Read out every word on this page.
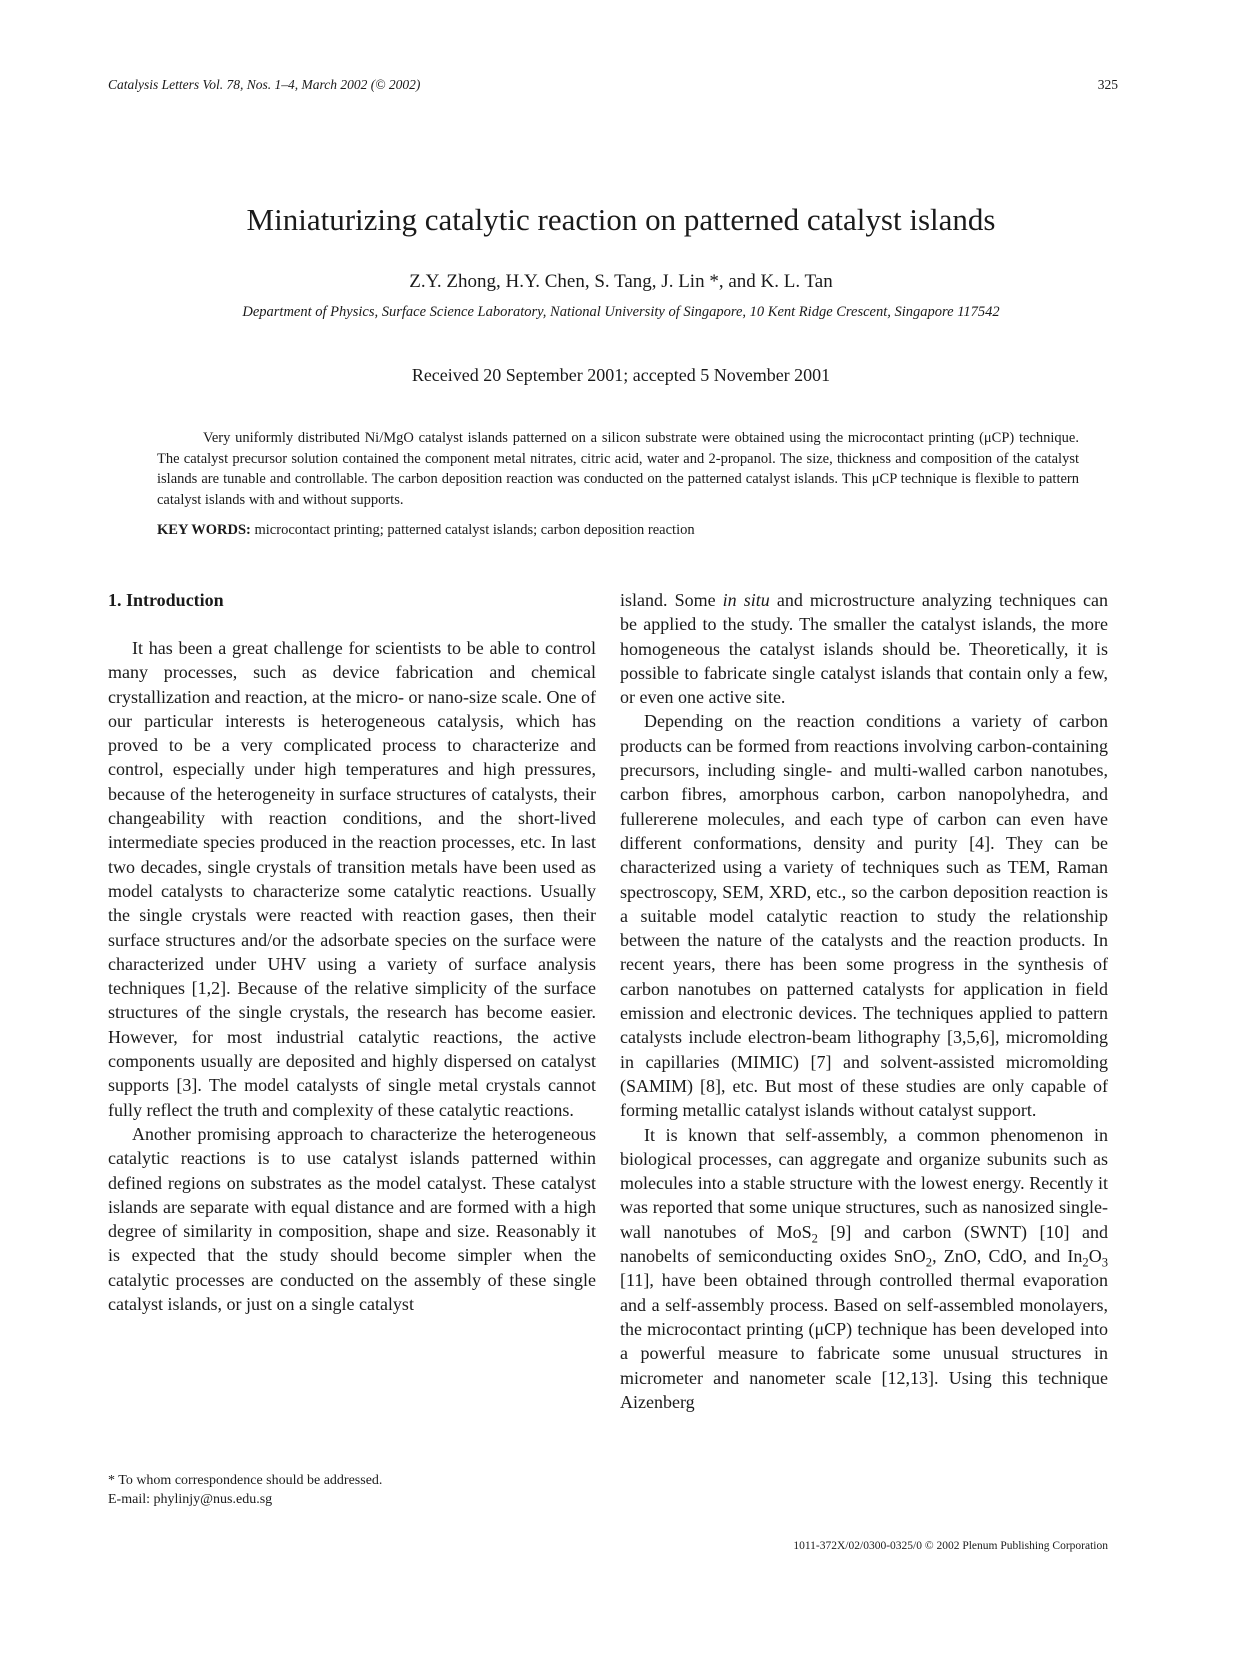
Catalysis Letters Vol. 78, Nos. 1–4, March 2002 (© 2002)	325
Miniaturizing catalytic reaction on patterned catalyst islands
Z.Y. Zhong, H.Y. Chen, S. Tang, J. Lin *, and K. L. Tan
Department of Physics, Surface Science Laboratory, National University of Singapore, 10 Kent Ridge Crescent, Singapore 117542
Received 20 September 2001; accepted 5 November 2001

Very uniformly distributed Ni/MgO catalyst islands patterned on a silicon substrate were obtained using the microcontact printing (μCP) technique. The catalyst precursor solution contained the component metal nitrates, citric acid, water and 2-propanol. The size, thickness and composition of the catalyst islands are tunable and controllable. The carbon deposition reaction was conducted on the patterned catalyst islands. This μCP technique is flexible to pattern catalyst islands with and without supports.

KEY WORDS: microcontact printing; patterned catalyst islands; carbon deposition reaction
1. Introduction

It has been a great challenge for scientists to be able to control many processes, such as device fabrication and chemical crystallization and reaction, at the micro- or nano-size scale. One of our particular interests is heterogeneous catalysis, which has proved to be a very complicated process to characterize and control, especially under high temperatures and high pressures, because of the heterogeneity in surface structures of catalysts, their changeability with reaction conditions, and the short-lived intermediate species produced in the reaction processes, etc. In last two decades, single crystals of transition metals have been used as model catalysts to characterize some catalytic reactions. Usually the single crystals were reacted with reaction gases, then their surface structures and/or the adsorbate species on the surface were characterized under UHV using a variety of surface analysis techniques [1,2]. Because of the relative simplicity of the surface structures of the single crystals, the research has become easier. However, for most industrial catalytic reactions, the active components usually are deposited and highly dispersed on catalyst supports [3]. The model catalysts of single metal crystals cannot fully reflect the truth and complexity of these catalytic reactions.

Another promising approach to characterize the heterogeneous catalytic reactions is to use catalyst islands patterned within defined regions on substrates as the model catalyst. These catalyst islands are separate with equal distance and are formed with a high degree of similarity in composition, shape and size. Reasonably it is expected that the study should become simpler when the catalytic processes are conducted on the assembly of these single catalyst islands, or just on a single catalyst

island. Some in situ and microstructure analyzing techniques can be applied to the study. The smaller the catalyst islands, the more homogeneous the catalyst islands should be. Theoretically, it is possible to fabricate single catalyst islands that contain only a few, or even one active site.

Depending on the reaction conditions a variety of carbon products can be formed from reactions involving carbon-containing precursors, including single- and multi-walled carbon nanotubes, carbon fibres, amorphous carbon, carbon nanopolyhedra, and fullererene molecules, and each type of carbon can even have different conformations, density and purity [4]. They can be characterized using a variety of techniques such as TEM, Raman spectroscopy, SEM, XRD, etc., so the carbon deposition reaction is a suitable model catalytic reaction to study the relationship between the nature of the catalysts and the reaction products. In recent years, there has been some progress in the synthesis of carbon nanotubes on patterned catalysts for application in field emission and electronic devices. The techniques applied to pattern catalysts include electron-beam lithography [3,5,6], micromolding in capillaries (MIMIC) [7] and solvent-assisted micromolding (SAMIM) [8], etc. But most of these studies are only capable of forming metallic catalyst islands without catalyst support.

It is known that self-assembly, a common phenomenon in biological processes, can aggregate and organize subunits such as molecules into a stable structure with the lowest energy. Recently it was reported that some unique structures, such as nanosized single-wall nanotubes of MoS$_2$ [9] and carbon (SWNT) [10] and nanobelts of semiconducting oxides SnO$_2$, ZnO, CdO, and $In_2O_3$ [11], have been obtained through controlled thermal evaporation and a self-assembly process. Based on self-assembled monolayers, the microcontact printing (μCP) technique has been developed into a powerful measure to fabricate some unusual structures in micrometer and nanometer scale [12,13]. Using this technique Aizenberg

* To whom correspondence should be addressed.
E-mail: phylinjy@nus.edu.sg
1011-372X/02/0300-0325/0 © 2002 Plenum Publishing Corporation
